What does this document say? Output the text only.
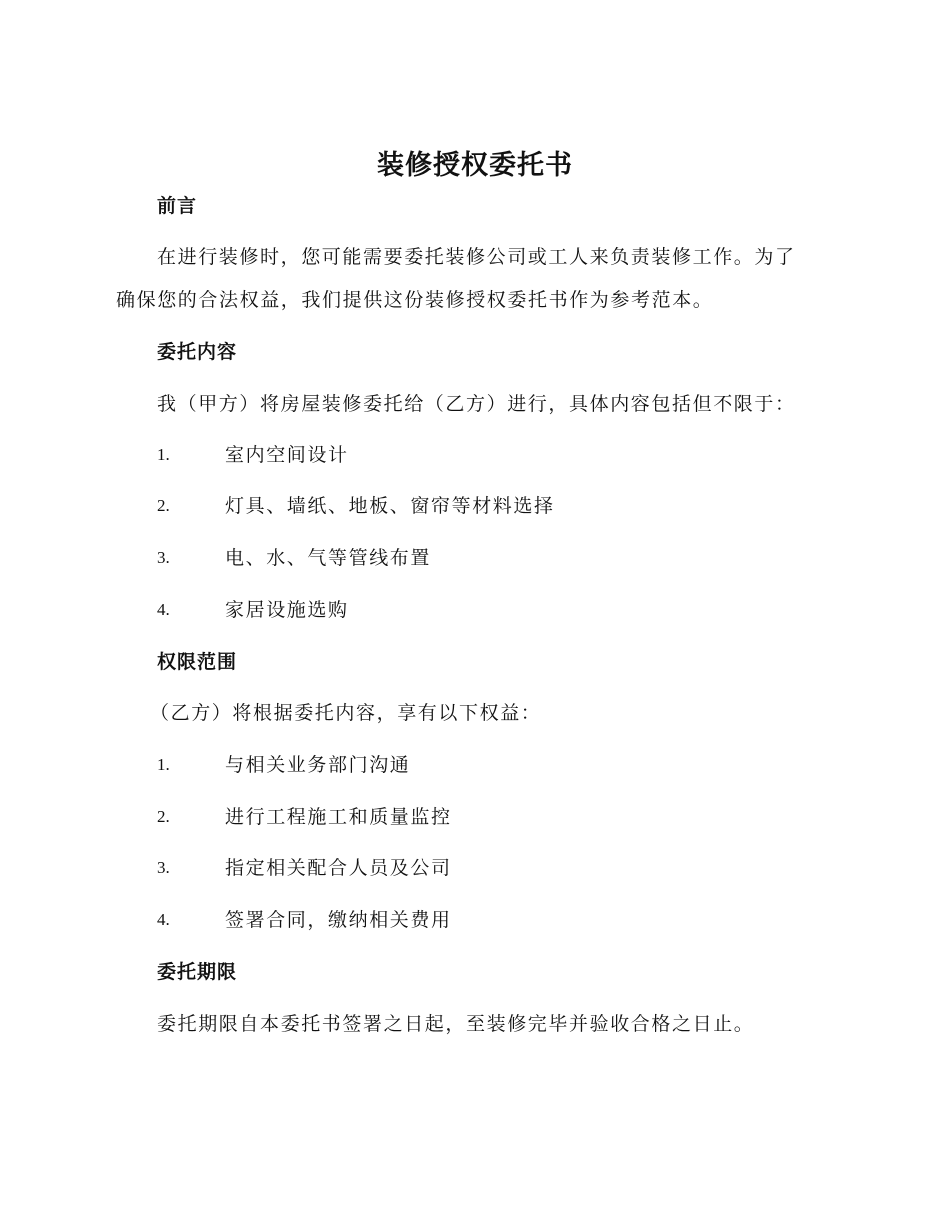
装修授权委托书
前言
在进行装修时，您可能需要委托装修公司或工人来负责装修工作。为了
确保您的合法权益，我们提供这份装修授权委托书作为参考范本。
委托内容
我（甲方）将房屋装修委托给（乙方）进行，具体内容包括但不限于：
1.	室内空间设计
2.	灯具、墙纸、地板、窗帘等材料选择
3.	电、水、气等管线布置
4.	家居设施选购
权限范围
（乙方）将根据委托内容，享有以下权益：
1.	与相关业务部门沟通
2.	进行工程施工和质量监控
3.	指定相关配合人员及公司
4.	签署合同，缴纳相关费用
委托期限
委托期限自本委托书签署之日起，至装修完毕并验收合格之日止。
